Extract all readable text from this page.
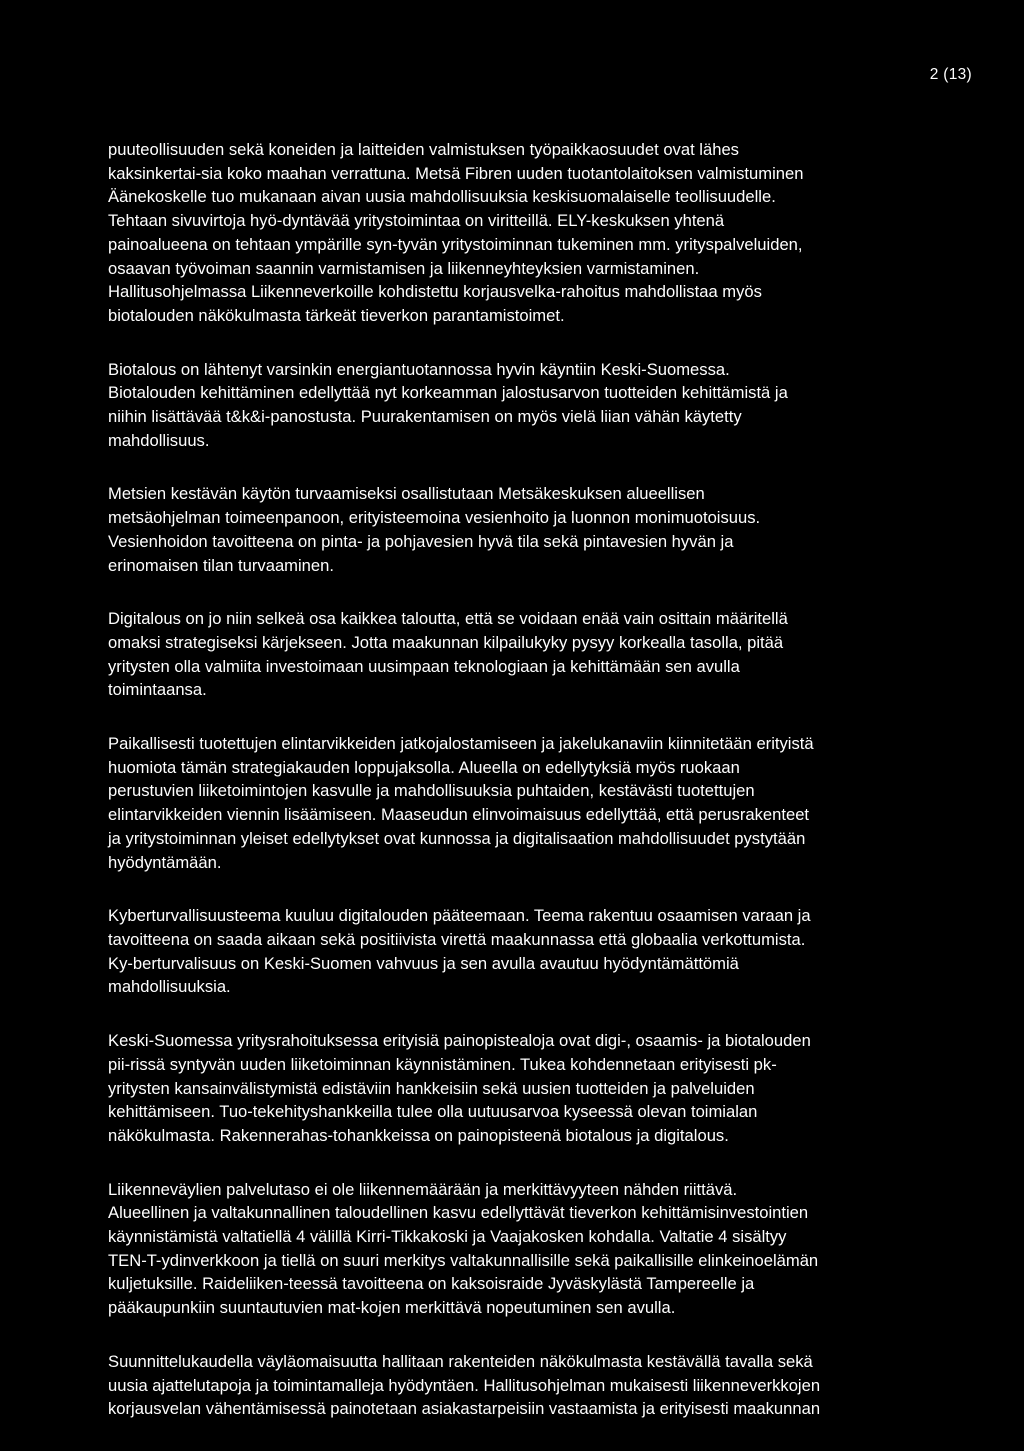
2 (13)

puuteollisuuden sekä koneiden ja laitteiden valmistuksen työpaikkaosuudet ovat lähes
kaksinkertai-sia koko maahan verrattuna. Metsä Fibren uuden tuotantolaitoksen valmistuminen
Äänekoskelle tuo mukanaan aivan uusia mahdollisuuksia keskisuomalaiselle teollisuudelle.
Tehtaan sivuvirtoja hyö-dyntävää yritystoimintaa on viritteillä. ELY-keskuksen yhtenä
painoalueena on tehtaan ympärille syn-tyvän yritystoiminnan tukeminen mm. yrityspalveluiden,
osaavan työvoiman saannin varmistamisen ja liikenneyhteyksien varmistaminen.
Hallitusohjelmassa Liikenneverkoille kohdistettu korjausvelka-rahoitus mahdollistaa myös
biotalouden näkökulmasta tärkeät tieverkon parantamistoimet.

Biotalous on lähtenyt varsinkin energiantuotannossa hyvin käyntiin Keski-Suomessa.
Biotalouden kehittäminen edellyttää nyt korkeamman jalostusarvon tuotteiden kehittämistä ja
niihin lisättävää t&k&i-panostusta. Puurakentamisen on myös vielä liian vähän käytetty
mahdollisuus.

Metsien kestävän käytön turvaamiseksi osallistutaan Metsäkeskuksen alueellisen
metsäohjelman toimeenpanoon, erityisteemoina vesienhoito ja luonnon monimuotoisuus.
Vesienhoidon tavoitteena on pinta- ja pohjavesien hyvä tila sekä pintavesien hyvän ja
erinomaisen tilan turvaaminen.

Digitalous on jo niin selkeä osa kaikkea taloutta, että se voidaan enää vain osittain määritellä
omaksi strategiseksi kärjekseen. Jotta maakunnan kilpailukyky pysyy korkealla tasolla, pitää
yritysten olla valmiita investoimaan uusimpaan teknologiaan ja kehittämään sen avulla
toimintaansa.

Paikallisesti tuotettujen elintarvikkeiden jatkojalostamiseen ja jakelukanaviin kiinnitetään erityistä
huomiota tämän strategiakauden loppujaksolla. Alueella on edellytyksiä myös ruokaan
perustuvien liiketoimintojen kasvulle ja mahdollisuuksia puhtaiden, kestävästi tuotettujen
elintarvikkeiden viennin lisäämiseen. Maaseudun elinvoimaisuus edellyttää, että perusrakenteet
ja yritystoiminnan yleiset edellytykset ovat kunnossa ja digitalisaation mahdollisuudet pystytään
hyödyntämään.

Kyberturvallisuusteema kuuluu digitalouden pääteemaan. Teema rakentuu osaamisen varaan ja
tavoitteena on saada aikaan sekä positiivista virettä maakunnassa että globaalia verkottumista.
Ky-berturvalisuus on Keski-Suomen vahvuus ja sen avulla avautuu hyödyntämättömiä
mahdollisuuksia.

Keski-Suomessa yritysrahoituksessa erityisiä painopistealoja ovat digi-, osaamis- ja biotalouden
pii-rissä syntyvän uuden liiketoiminnan käynnistäminen. Tukea kohdennetaan erityisesti pk-
yritysten kansainvälistymistä edistäviin hankkeisiin sekä uusien tuotteiden ja palveluiden
kehittämiseen. Tuo-tekehityshankkeilla tulee olla uutuusarvoa kyseessä olevan toimialan
näkökulmasta. Rakennerahas-tohankkeissa on painopisteenä biotalous ja digitalous.

Liikenneväylien palvelutaso ei ole liikennemäärään ja merkittävyyteen nähden riittävä.
Alueellinen ja valtakunnallinen taloudellinen kasvu edellyttävät tieverkon kehittämisinvestointien
käynnistämistä valtatiellä 4 välillä Kirri-Tikkakoski ja Vaajakosken kohdalla. Valtatie 4 sisältyy
TEN-T-ydinverkkoon ja tiellä on suuri merkitys valtakunnallisille sekä paikallisille elinkeinoelämän
kuljetuksille. Raideliiken-teessä tavoitteena on kaksoisraide Jyväskylästä Tampereelle ja
pääkaupunkiin suuntautuvien mat-kojen merkittävä nopeutuminen sen avulla.

Suunnittelukaudella väyläomaisuutta hallitaan rakenteiden näkökulmasta kestävällä tavalla sekä
uusia ajattelutapoja ja toimintamalleja hyödyntäen. Hallitusohjelman mukaisesti liikenneverkkojen
korjausvelan vähentämisessä painotetaan asiakastarpeisiin vastaamista ja erityisesti maakunnan
